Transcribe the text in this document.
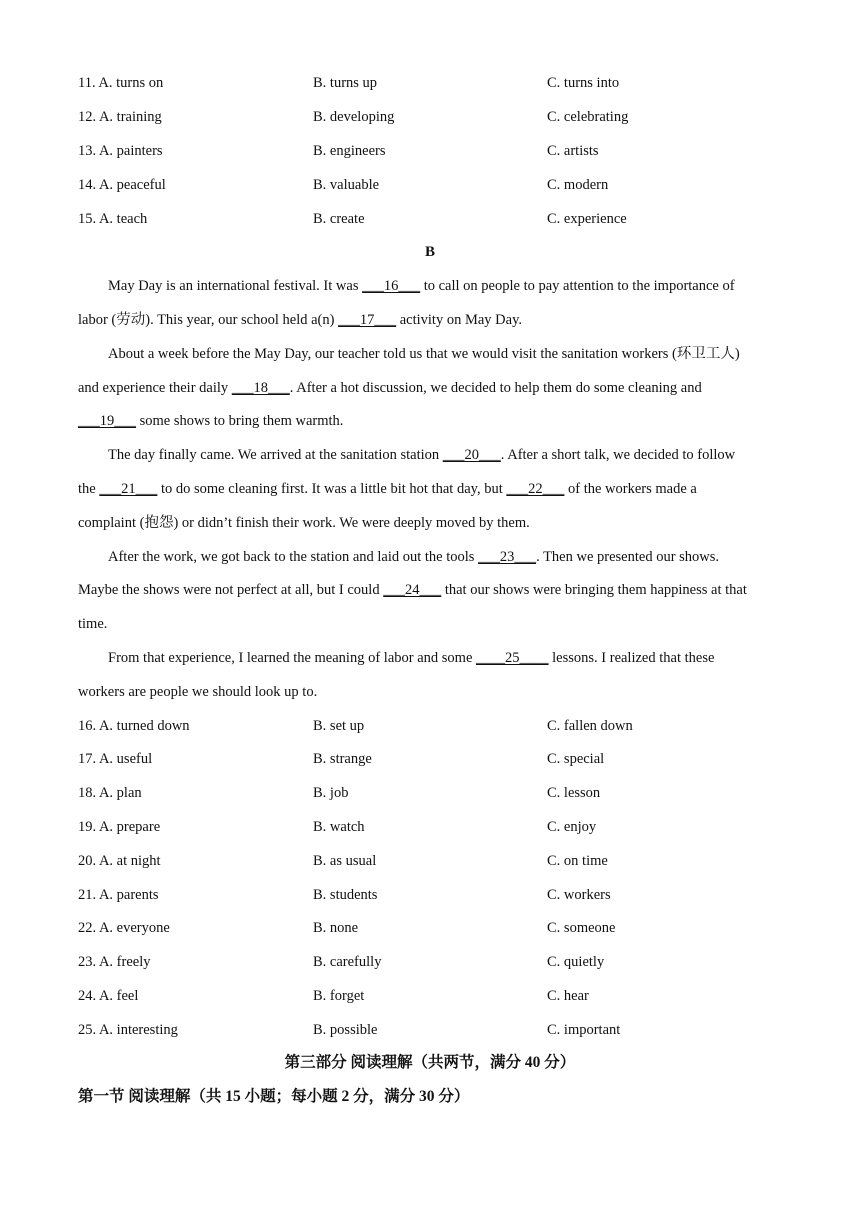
11. A. turns on	B. turns up	C. turns into
12. A. training	B. developing	C. celebrating
13. A. painters	B. engineers	C. artists
14. A. peaceful	B. valuable	C. modern
15. A. teach	B. create	C. experience
B
May Day is an international festival. It was ___16___ to call on people to pay attention to the importance of
labor (劳动). This year, our school held a(n) ___17___ activity on May Day.
About a week before the May Day, our teacher told us that we would visit the sanitation workers (环卫工人)
and experience their daily ___18___. After a hot discussion, we decided to help them do some cleaning and
___19___ some shows to bring them warmth.
The day finally came. We arrived at the sanitation station ___20___. After a short talk, we decided to follow
the ___21___ to do some cleaning first. It was a little bit hot that day, but ___22___ of the workers made a
complaint (抱怨) or didn’t finish their work. We were deeply moved by them.
After the work, we got back to the station and laid out the tools ___23___. Then we presented our shows.
Maybe the shows were not perfect at all, but I could ___24___ that our shows were bringing them happiness at that
time.
From that experience, I learned the meaning of labor and some ____25____ lessons. I realized that these
workers are people we should look up to.
16. A. turned down	B. set up	C. fallen down
17. A. useful	B. strange	C. special
18. A. plan	B. job	C. lesson
19. A. prepare	B. watch	C. enjoy
20. A. at night	B. as usual	C. on time
21. A. parents	B. students	C. workers
22. A. everyone	B. none	C. someone
23. A. freely	B. carefully	C. quietly
24. A. feel	B. forget	C. hear
25. A. interesting	B. possible	C. important
第三部分 阅读理解（共两节，满分 40 分）
第一节 阅读理解（共 15 小题；每小题 2 分，满分 30 分）
